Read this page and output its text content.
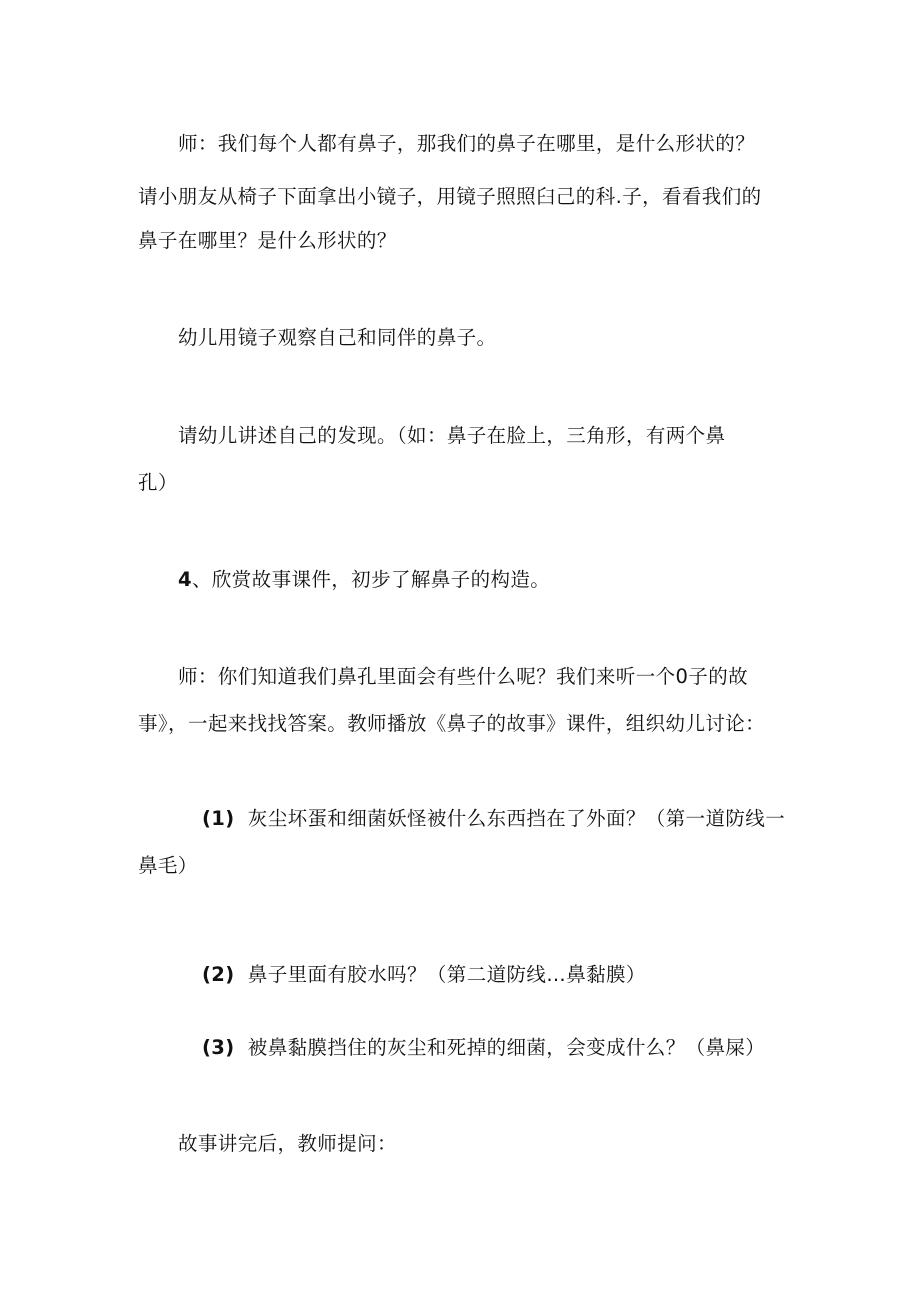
师：我们每个人都有鼻子，那我们的鼻子在哪里，是什么形状的？
请小朋友从椅子下面拿出小镜子，用镜子照照臼己的科.子，看看我们的
鼻子在哪里？是什么形状的？
幼儿用镜子观察自己和同伴的鼻子。
请幼儿讲述自己的发现。（如：鼻子在脸上，三角形，有两个鼻
孔）
4、欣赏故事课件，初步了解鼻子的构造。
师：你们知道我们鼻孔里面会有些什么呢？我们来听一个0子的故
事》，一起来找找答案。教师播放《鼻子的故事》课件，组织幼儿讨论：
(1) 灰尘坏蛋和细菌妖怪被什么东西挡在了外面？（第一道防线一
鼻毛）
(2) 鼻子里面有胶水吗？（第二道防线…鼻黏膜）
(3) 被鼻黏膜挡住的灰尘和死掉的细菌，会变成什么？（鼻屎）
故事讲完后，教师提问：
